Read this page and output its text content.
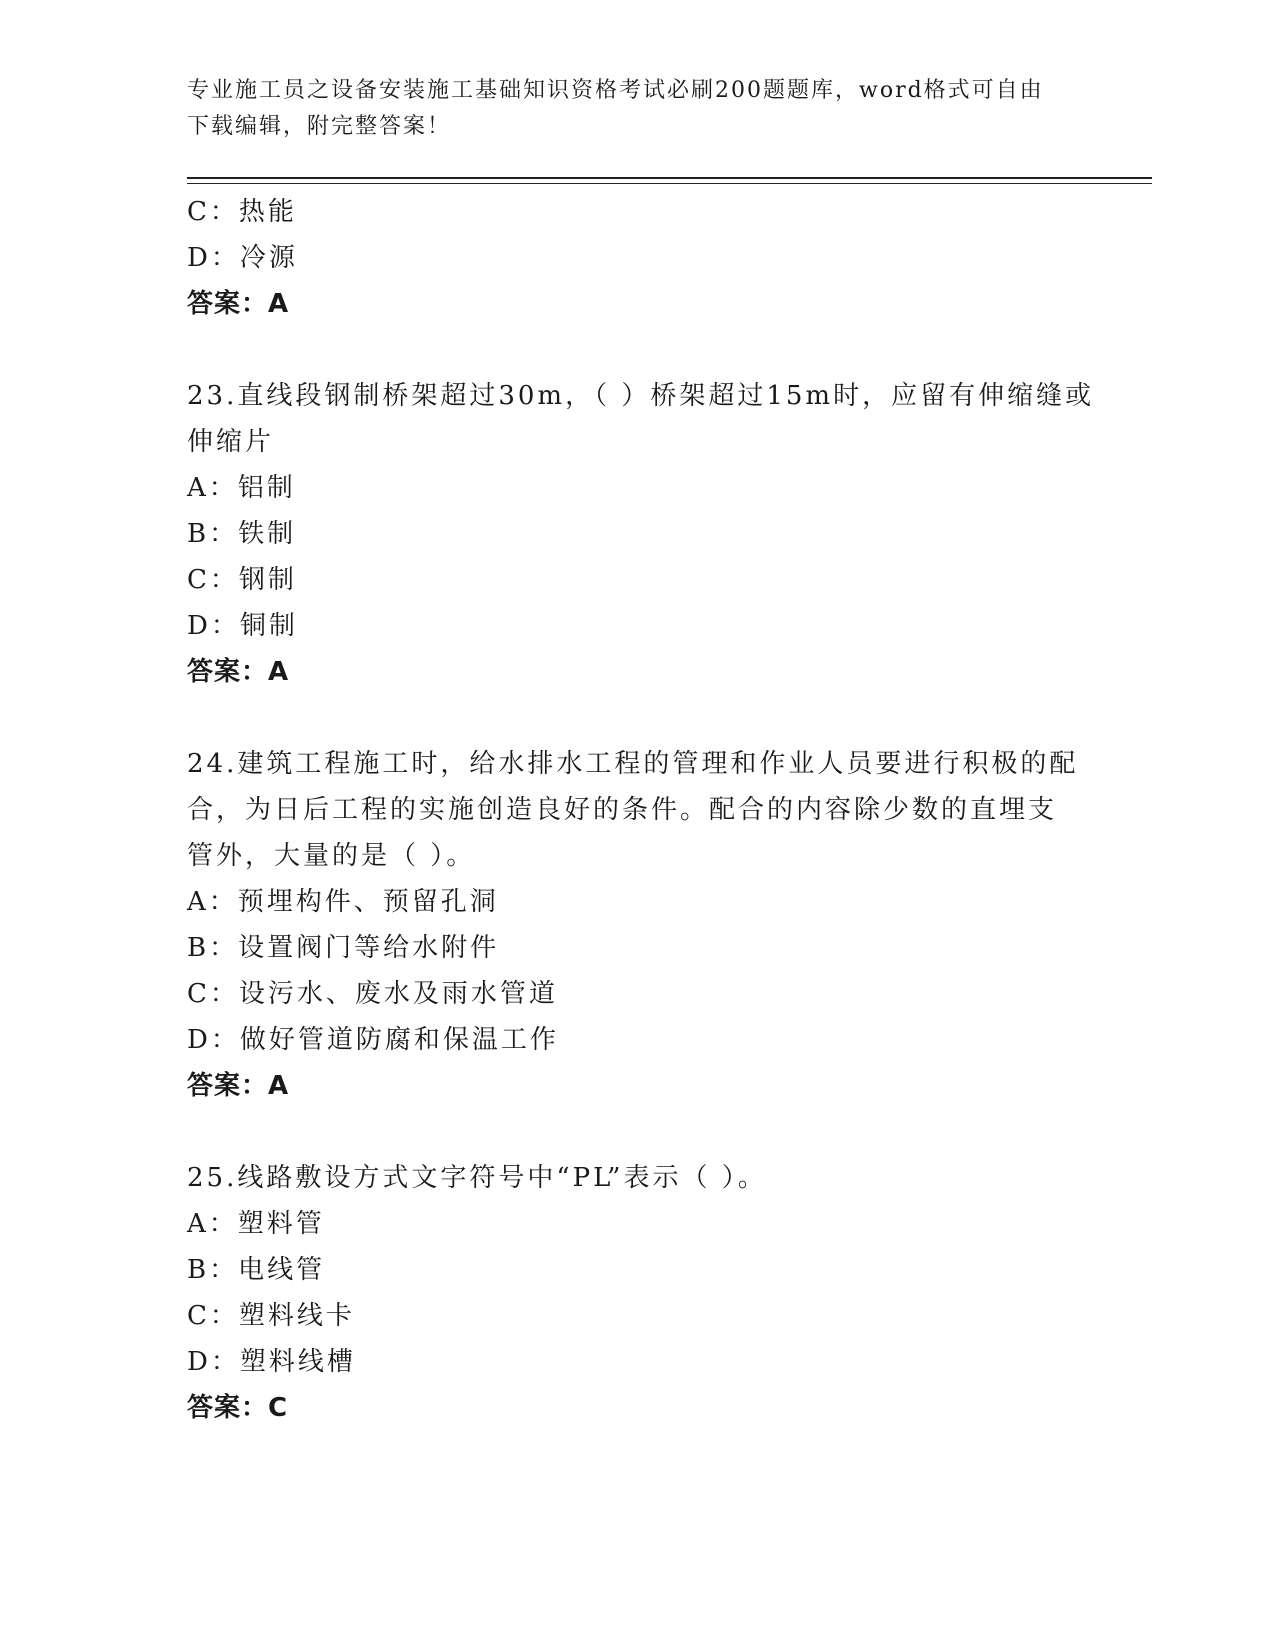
专业施工员之设备安装施工基础知识资格考试必刷200题题库，word格式可自由
下载编辑，附完整答案！
C：热能
D：冷源
答案：A
23.直线段钢制桥架超过30m，（ ）桥架超过15m时，应留有伸缩缝或
伸缩片
A：铝制
B：铁制
C：钢制
D：铜制
答案：A
24.建筑工程施工时，给水排水工程的管理和作业人员要进行积极的配
合，为日后工程的实施创造良好的条件。配合的内容除少数的直埋支
管外，大量的是（ ）。
A：预埋构件、预留孔洞
B：设置阀门等给水附件
C：设污水、废水及雨水管道
D：做好管道防腐和保温工作
答案：A
25.线路敷设方式文字符号中“PL”表示（ ）。
A：塑料管
B：电线管
C：塑料线卡
D：塑料线槽
答案：C
